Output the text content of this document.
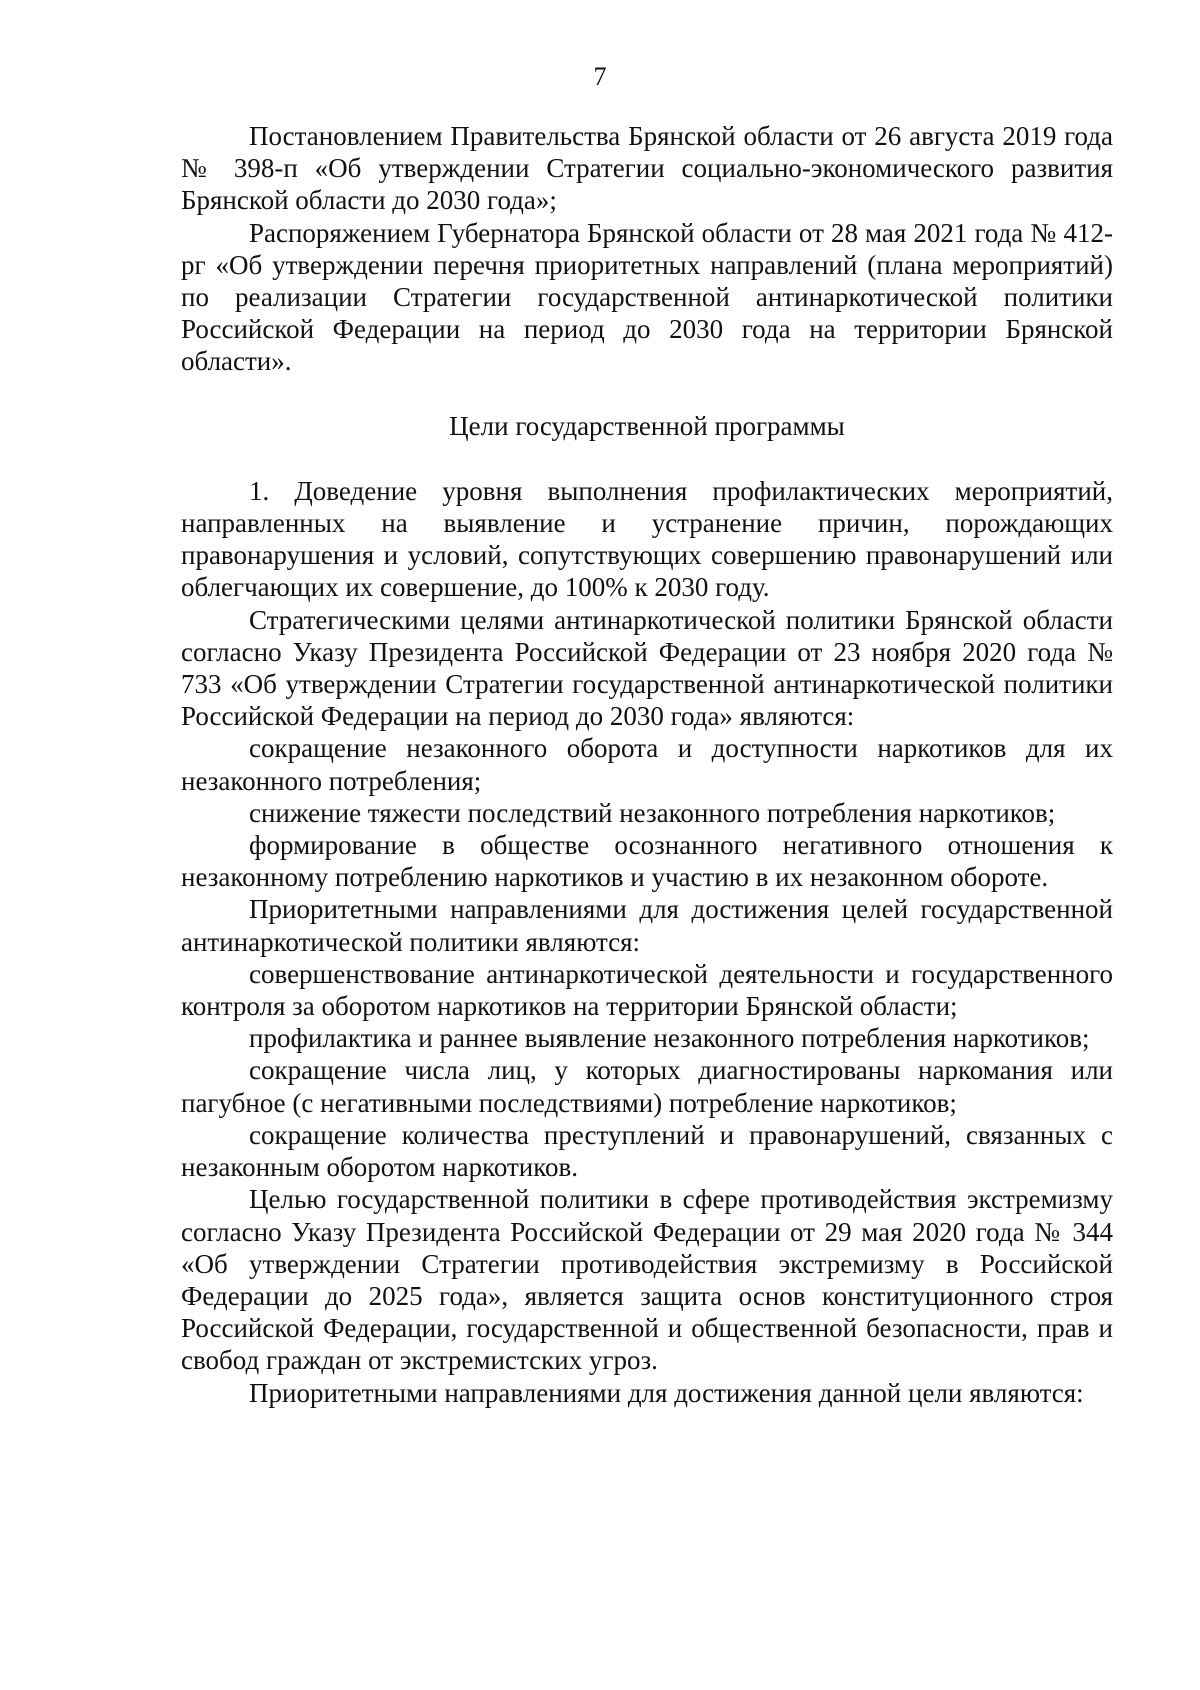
7

Постановлением Правительства Брянской области от 26 августа 2019 года № 398-п «Об утверждении Стратегии социально-экономического развития Брянской области до 2030 года»;

Распоряжением Губернатора Брянской области от 28 мая 2021 года № 412-рг «Об утверждении перечня приоритетных направлений (плана мероприятий) по реализации Стратегии государственной антинаркотической политики Российской Федерации на период до 2030 года на территории Брянской области».

Цели государственной программы

1. Доведение уровня выполнения профилактических мероприятий, направленных на выявление и устранение причин, порождающих правонарушения и условий, сопутствующих совершению правонарушений или облегчающих их совершение, до 100% к 2030 году.

Стратегическими целями антинаркотической политики Брянской области согласно Указу Президента Российской Федерации от 23 ноября 2020 года № 733 «Об утверждении Стратегии государственной антинаркотической политики Российской Федерации на период до 2030 года» являются:

сокращение незаконного оборота и доступности наркотиков для их незаконного потребления;

снижение тяжести последствий незаконного потребления наркотиков;

формирование в обществе осознанного негативного отношения к незаконному потреблению наркотиков и участию в их незаконном обороте.

Приоритетными направлениями для достижения целей государственной антинаркотической политики являются:

совершенствование антинаркотической деятельности и государственного контроля за оборотом наркотиков на территории Брянской области;

профилактика и раннее выявление незаконного потребления наркотиков;

сокращение числа лиц, у которых диагностированы наркомания или пагубное (с негативными последствиями) потребление наркотиков;

сокращение количества преступлений и правонарушений, связанных с незаконным оборотом наркотиков.

Целью государственной политики в сфере противодействия экстремизму согласно Указу Президента Российской Федерации от 29 мая 2020 года № 344 «Об утверждении Стратегии противодействия экстремизму в Российской Федерации до 2025 года», является защита основ конституционного строя Российской Федерации, государственной и общественной безопасности, прав и свобод граждан от экстремистских угроз.

Приоритетными направлениями для достижения данной цели являются:
